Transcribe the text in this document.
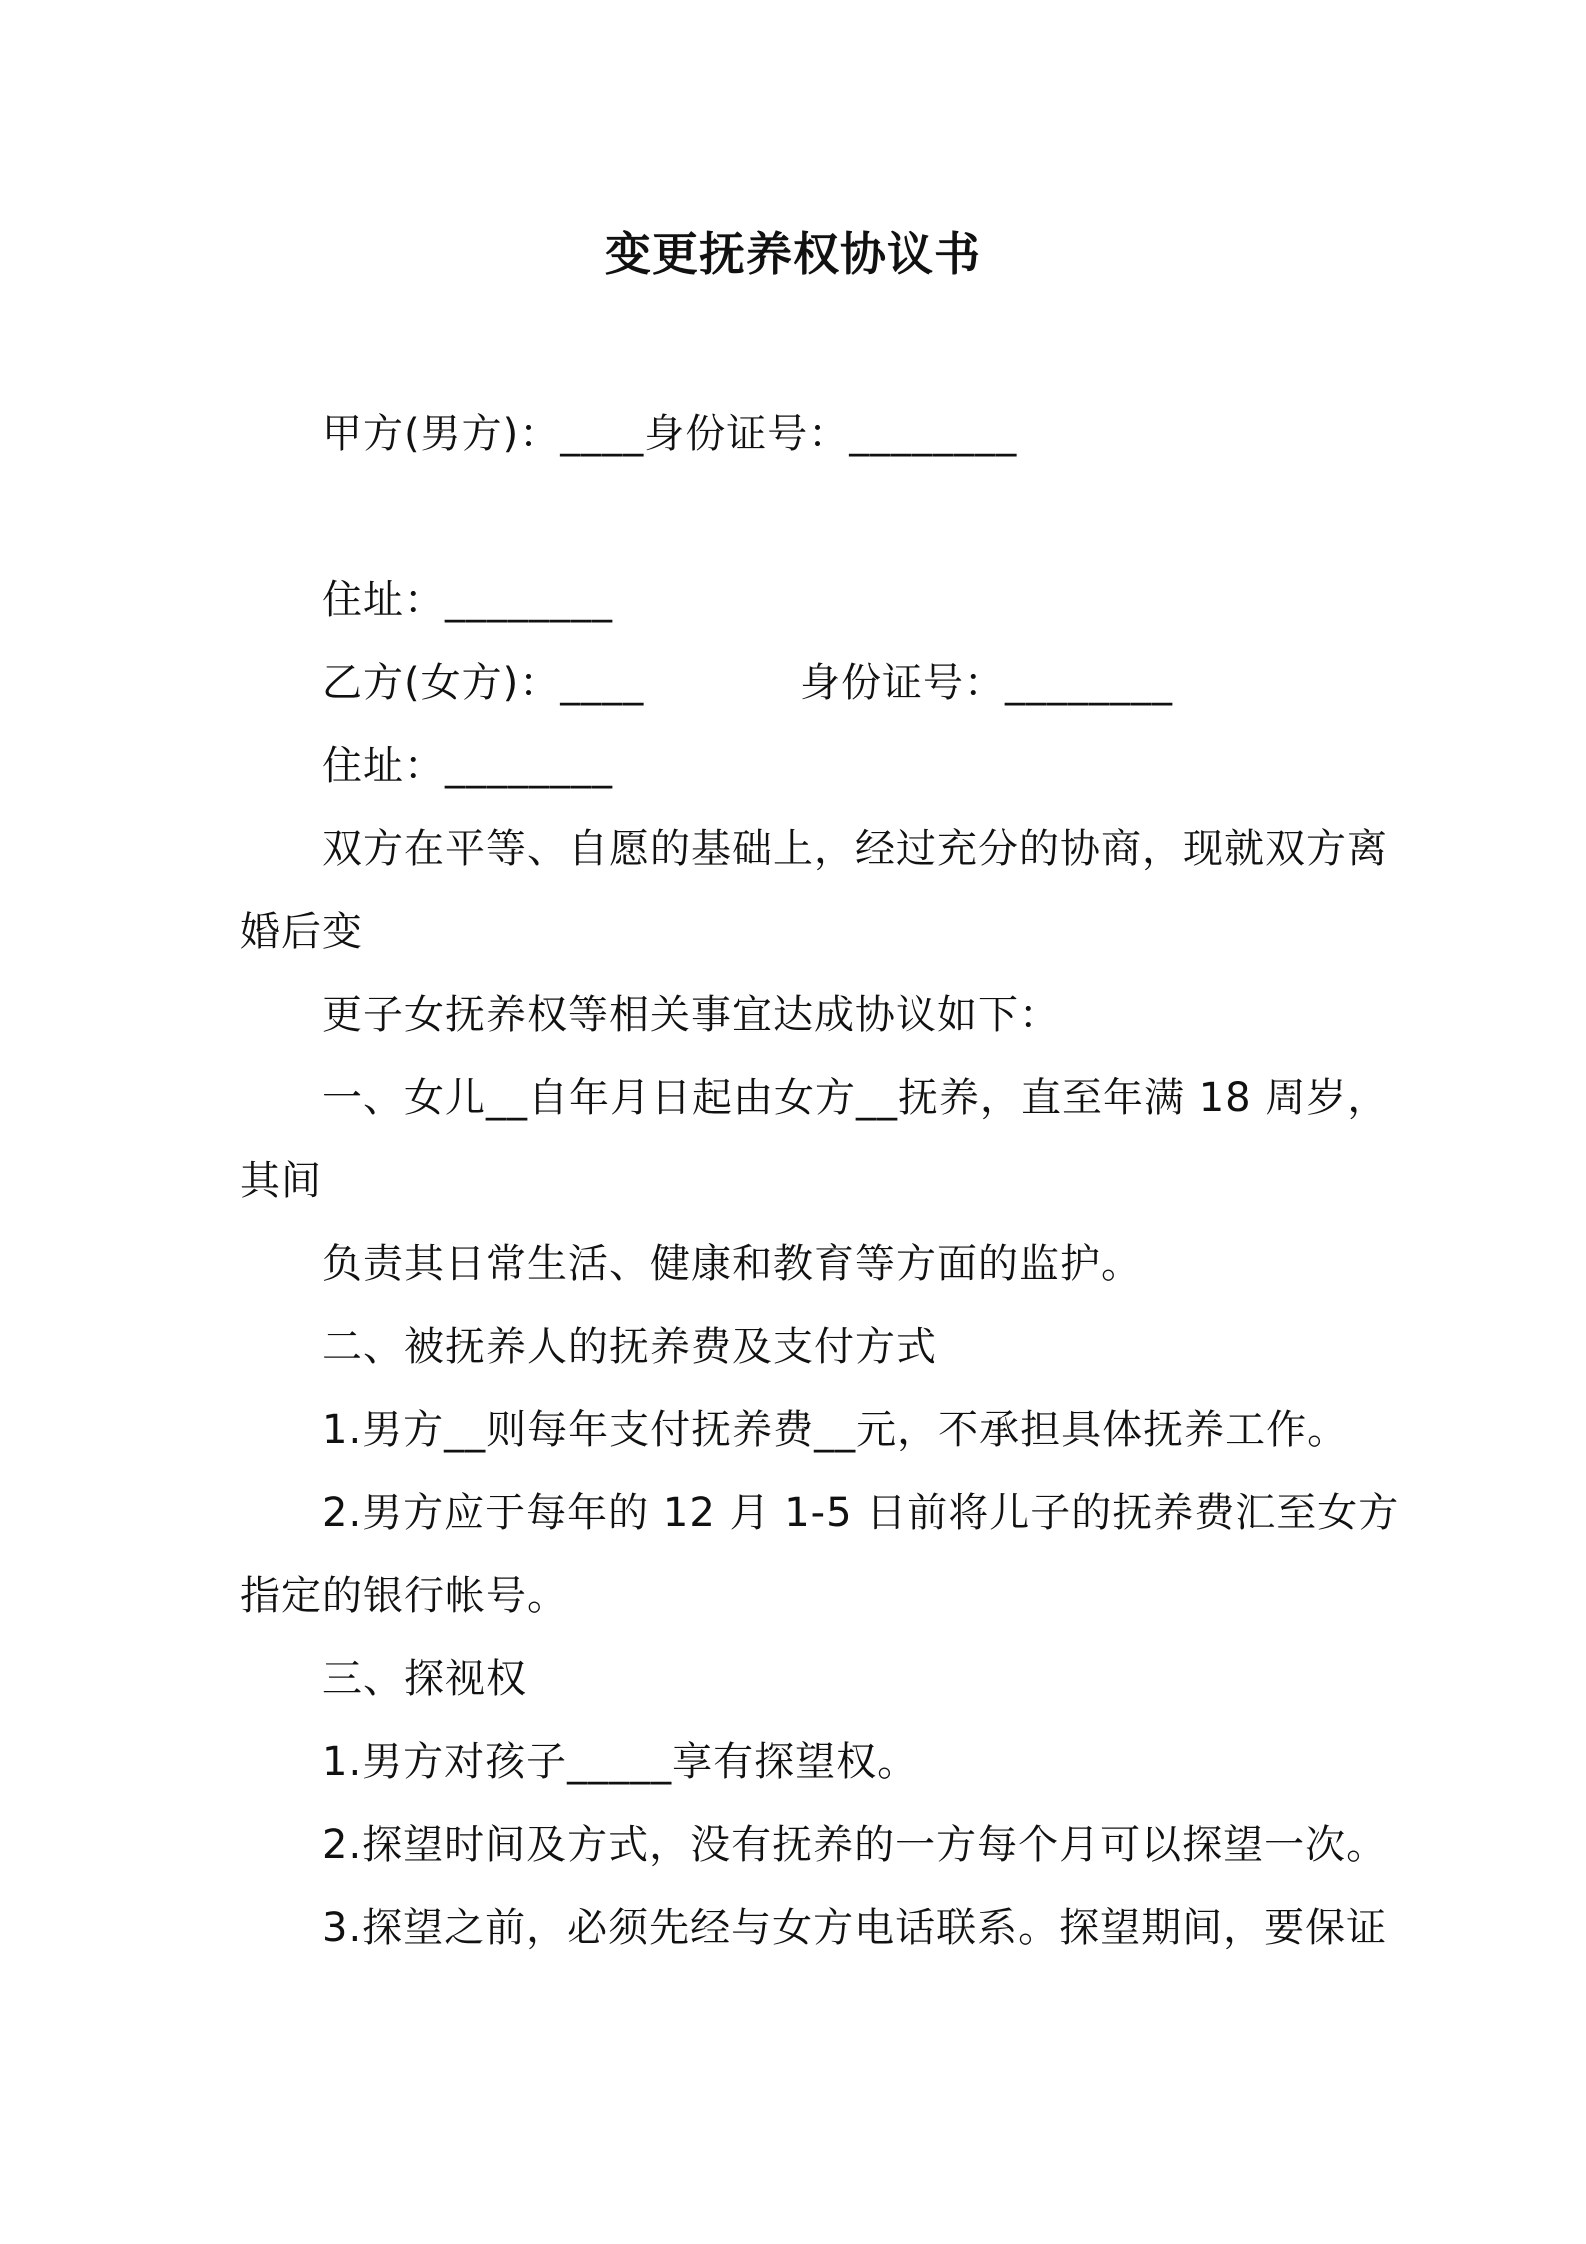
变更抚养权协议书
甲方(男方)：____身份证号：________
住址：________
乙方(女方)：____	身份证号：________
住址：________
双方在平等、自愿的基础上，经过充分的协商，现就双方离
婚后变
更子女抚养权等相关事宜达成协议如下：
一、女儿__自年月日起由女方__抚养，直至年满 18 周岁，
其间
负责其日常生活、健康和教育等方面的监护。
二、被抚养人的抚养费及支付方式
1.男方__则每年支付抚养费__元，不承担具体抚养工作。
2.男方应于每年的 12 月 1-5 日前将儿子的抚养费汇至女方
指定的银行帐号。
三、探视权
1.男方对孩子_____享有探望权。
2.探望时间及方式，没有抚养的一方每个月可以探望一次。
3.探望之前，必须先经与女方电话联系。探望期间，要保证
